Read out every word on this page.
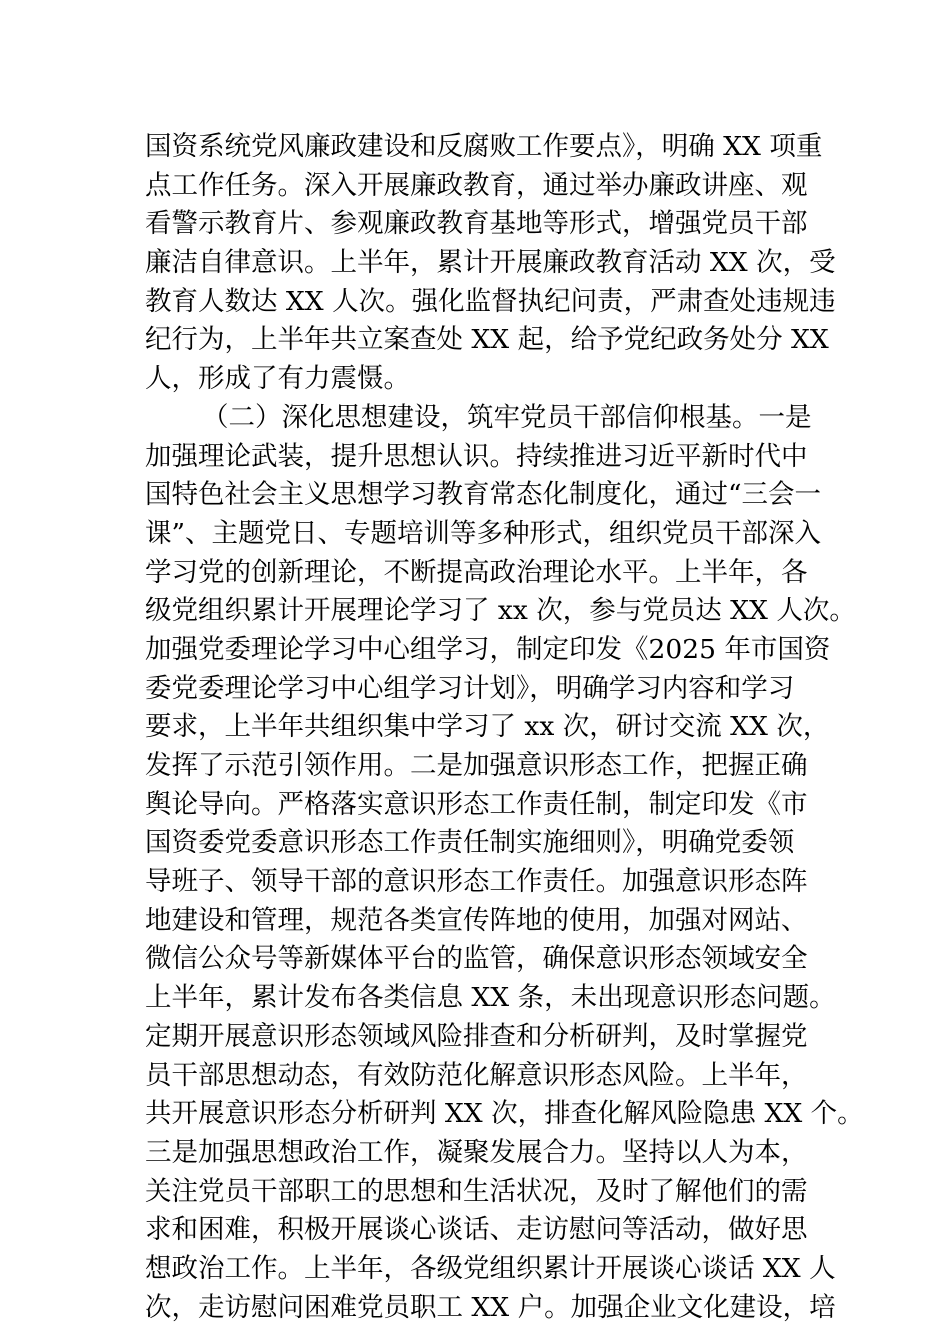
国资系统党风廉政建设和反腐败工作要点》，明确 XX 项重
点工作任务。深入开展廉政教育，通过举办廉政讲座、观
看警示教育片、参观廉政教育基地等形式，增强党员干部
廉洁自律意识。上半年，累计开展廉政教育活动 XX 次，受
教育人数达 XX 人次。强化监督执纪问责，严肃查处违规违
纪行为，上半年共立案查处 XX 起，给予党纪政务处分 XX
人，形成了有力震慑。
（二）深化思想建设，筑牢党员干部信仰根基。一是
加强理论武装，提升思想认识。持续推进习近平新时代中
国特色社会主义思想学习教育常态化制度化，通过“三会一
课”、主题党日、专题培训等多种形式，组织党员干部深入
学习党的创新理论，不断提高政治理论水平。上半年，各
级党组织累计开展理论学习了 xx 次，参与党员达 XX 人次。
加强党委理论学习中心组学习，制定印发《2025 年市国资
委党委理论学习中心组学习计划》，明确学习内容和学习
要求，上半年共组织集中学习了 xx 次，研讨交流 XX 次，
发挥了示范引领作用。二是加强意识形态工作，把握正确
舆论导向。严格落实意识形态工作责任制，制定印发《市
国资委党委意识形态工作责任制实施细则》，明确党委领
导班子、领导干部的意识形态工作责任。加强意识形态阵
地建设和管理，规范各类宣传阵地的使用，加强对网站、
微信公众号等新媒体平台的监管，确保意识形态领域安全
上半年，累计发布各类信息 XX 条，未出现意识形态问题。
定期开展意识形态领域风险排查和分析研判，及时掌握党
员干部思想动态，有效防范化解意识形态风险。上半年，
共开展意识形态分析研判 XX 次，排查化解风险隐患 XX 个。
三是加强思想政治工作，凝聚发展合力。坚持以人为本，
关注党员干部职工的思想和生活状况，及时了解他们的需
求和困难，积极开展谈心谈话、走访慰问等活动，做好思
想政治工作。上半年，各级党组织累计开展谈心谈话 XX 人
次，走访慰问困难党员职工 XX 户。加强企业文化建设，培
